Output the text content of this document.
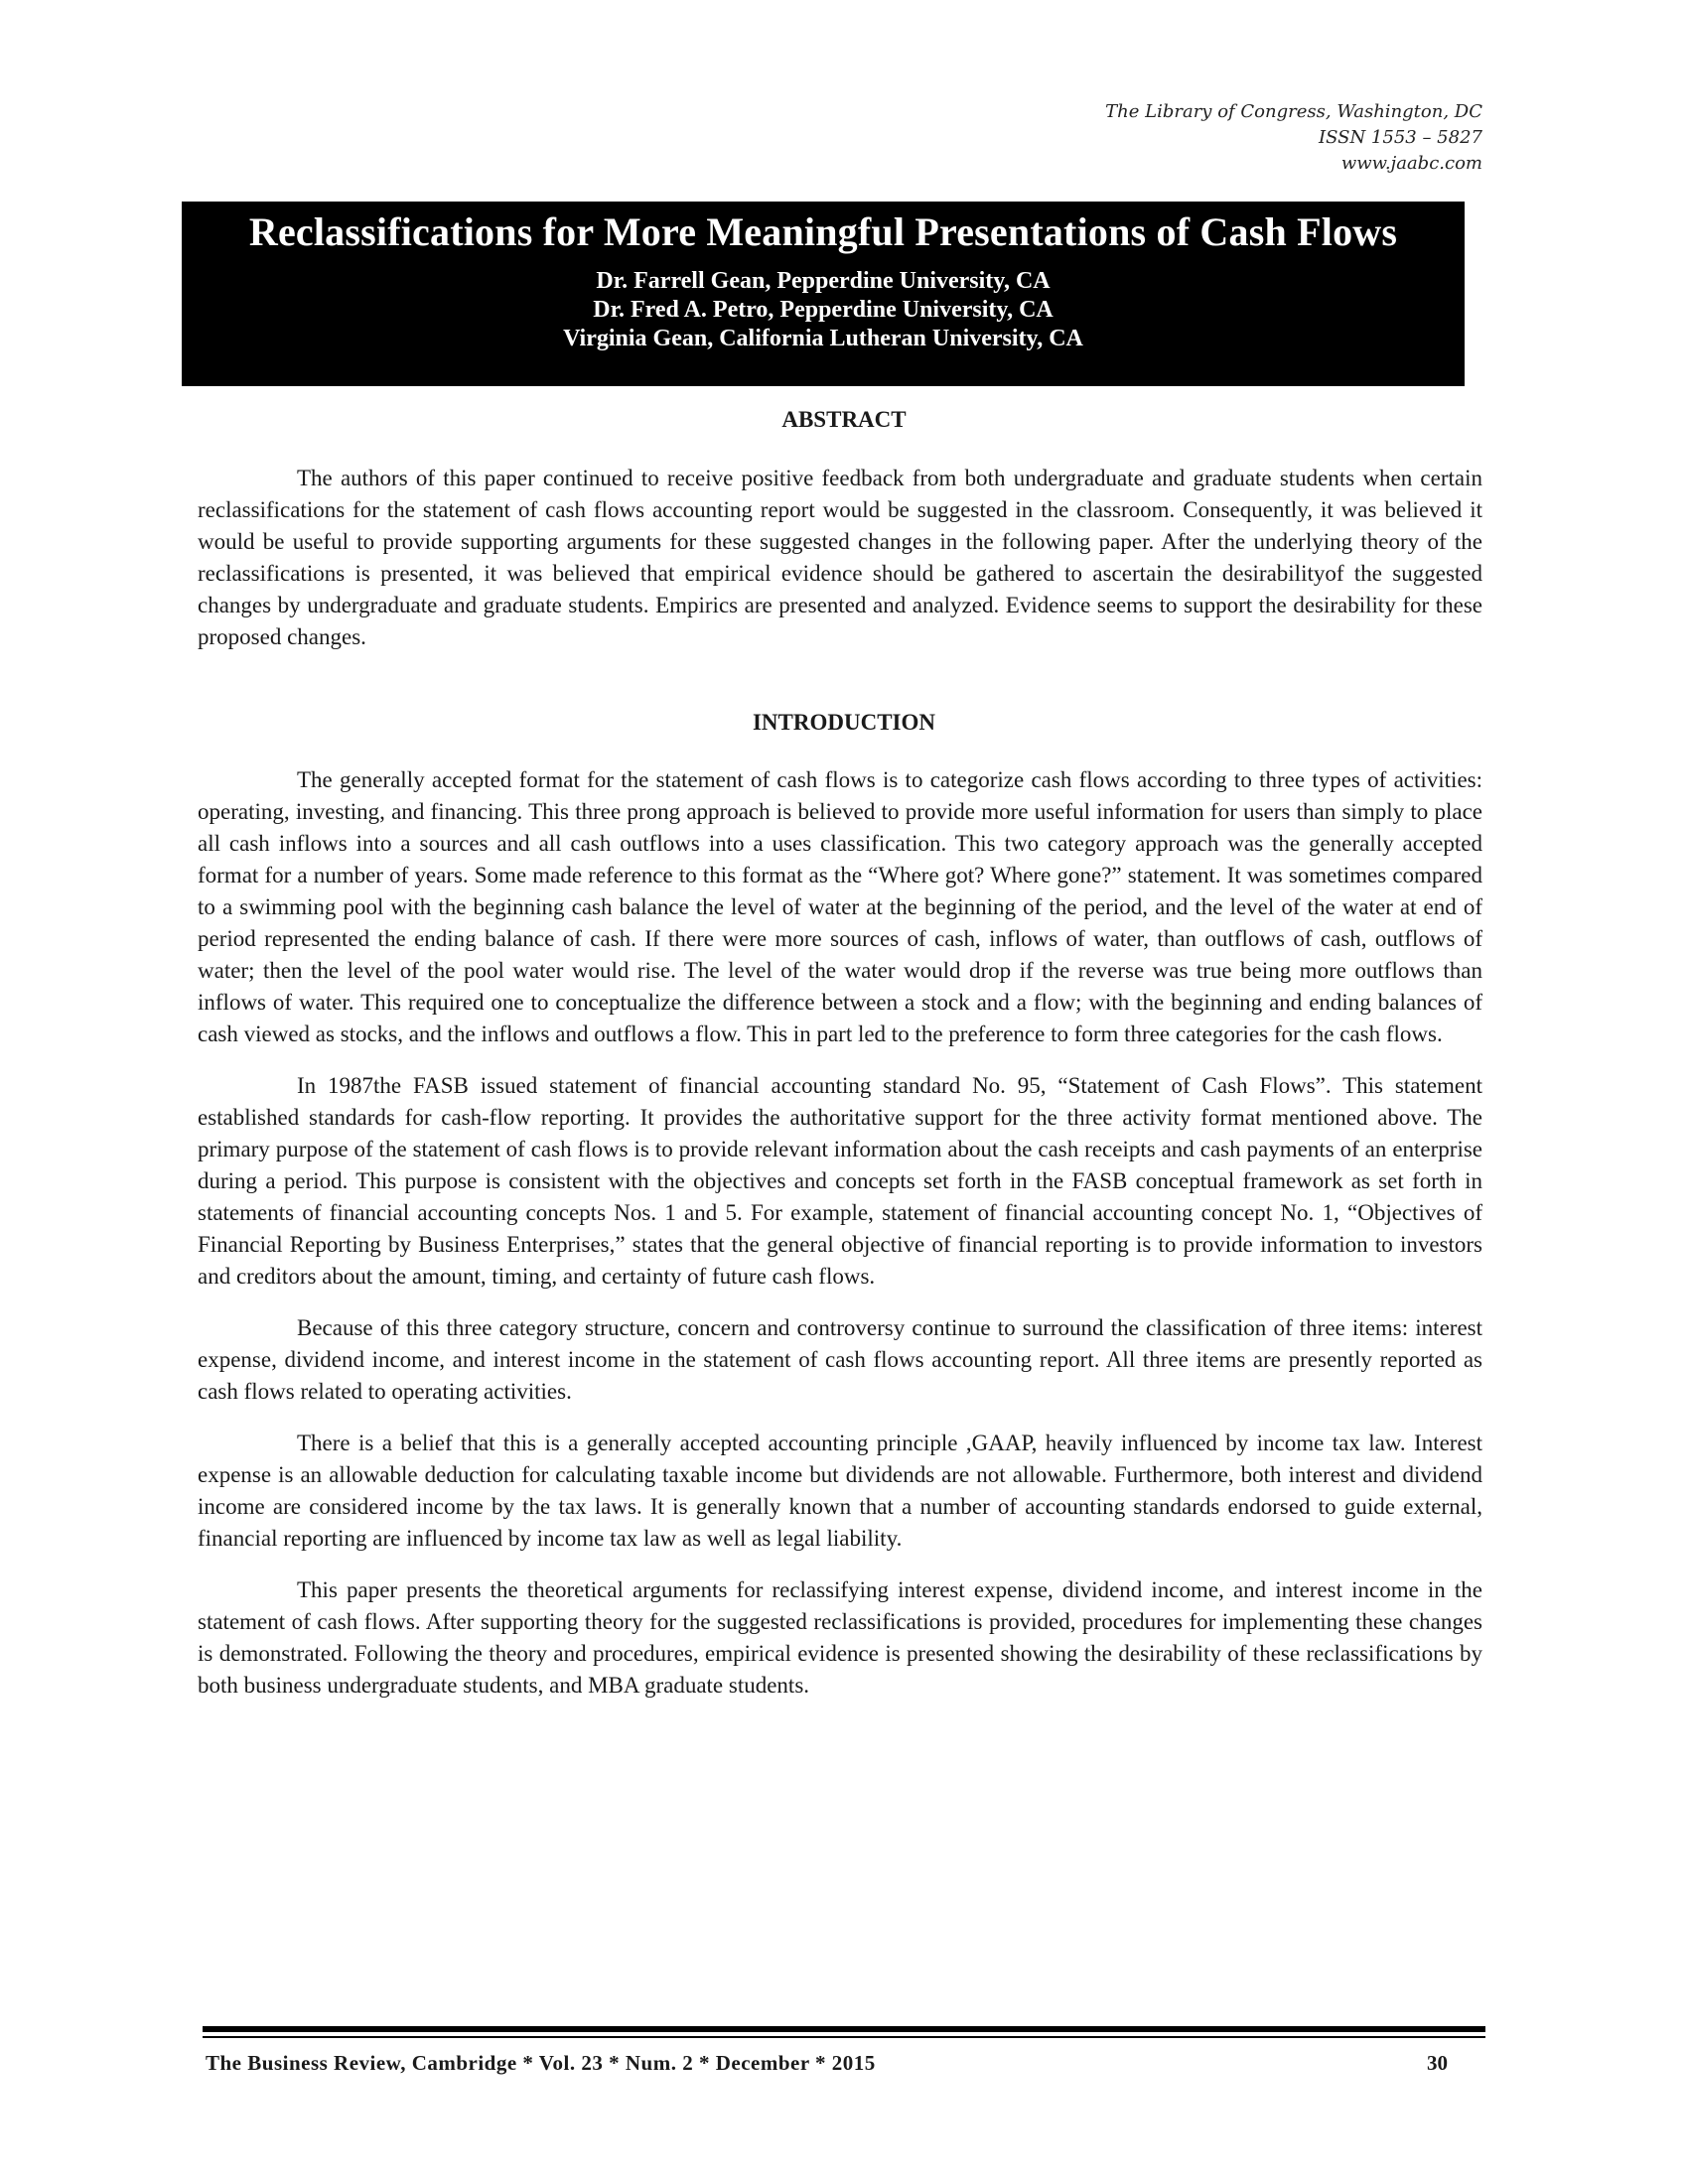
The Library of Congress, Washington, DC
ISSN 1553 – 5827
www.jaabc.com
Reclassifications for More Meaningful Presentations of Cash Flows
Dr. Farrell Gean, Pepperdine University, CA
Dr. Fred A. Petro, Pepperdine University, CA
Virginia Gean, California Lutheran University, CA
ABSTRACT

The authors of this paper continued to receive positive feedback from both undergraduate and graduate students when certain reclassifications for the statement of cash flows accounting report would be suggested in the classroom. Consequently, it was believed it would be useful to provide supporting arguments for these suggested changes in the following paper. After the underlying theory of the reclassifications is presented, it was believed that empirical evidence should be gathered to ascertain the desirabilityof the suggested changes by undergraduate and graduate students. Empirics are presented and analyzed. Evidence seems to support the desirability for these proposed changes.

INTRODUCTION

The generally accepted format for the statement of cash flows is to categorize cash flows according to three types of activities: operating, investing, and financing. This three prong approach is believed to provide more useful information for users than simply to place all cash inflows into a sources and all cash outflows into a uses classification. This two category approach was the generally accepted format for a number of years. Some made reference to this format as the “Where got? Where gone?” statement. It was sometimes compared to a swimming pool with the beginning cash balance the level of water at the beginning of the period, and the level of the water at end of period represented the ending balance of cash. If there were more sources of cash, inflows of water, than outflows of cash, outflows of water; then the level of the pool water would rise. The level of the water would drop if the reverse was true being more outflows than inflows of water. This required one to conceptualize the difference between a stock and a flow; with the beginning and ending balances of cash viewed as stocks, and the inflows and outflows a flow. This in part led to the preference to form three categories for the cash flows.

In 1987the FASB issued statement of financial accounting standard No. 95, “Statement of Cash Flows”. This statement established standards for cash-flow reporting. It provides the authoritative support for the three activity format mentioned above. The primary purpose of the statement of cash flows is to provide relevant information about the cash receipts and cash payments of an enterprise during a period. This purpose is consistent with the objectives and concepts set forth in the FASB conceptual framework as set forth in statements of financial accounting concepts Nos. 1 and 5. For example, statement of financial accounting concept No. 1, “Objectives of Financial Reporting by Business Enterprises,” states that the general objective of financial reporting is to provide information to investors and creditors about the amount, timing, and certainty of future cash flows.

Because of this three category structure, concern and controversy continue to surround the classification of three items: interest expense, dividend income, and interest income in the statement of cash flows accounting report. All three items are presently reported as cash flows related to operating activities.

There is a belief that this is a generally accepted accounting principle ,GAAP, heavily influenced by income tax law. Interest expense is an allowable deduction for calculating taxable income but dividends are not allowable. Furthermore, both interest and dividend income are considered income by the tax laws. It is generally known that a number of accounting standards endorsed to guide external, financial reporting are influenced by income tax law as well as legal liability.

This paper presents the theoretical arguments for reclassifying interest expense, dividend income, and interest income in the statement of cash flows. After supporting theory for the suggested reclassifications is provided, procedures for implementing these changes is demonstrated. Following the theory and procedures, empirical evidence is presented showing the desirability of these reclassifications by both business undergraduate students, and MBA graduate students.

The Business Review, Cambridge * Vol. 23 * Num. 2 * December * 2015	30
